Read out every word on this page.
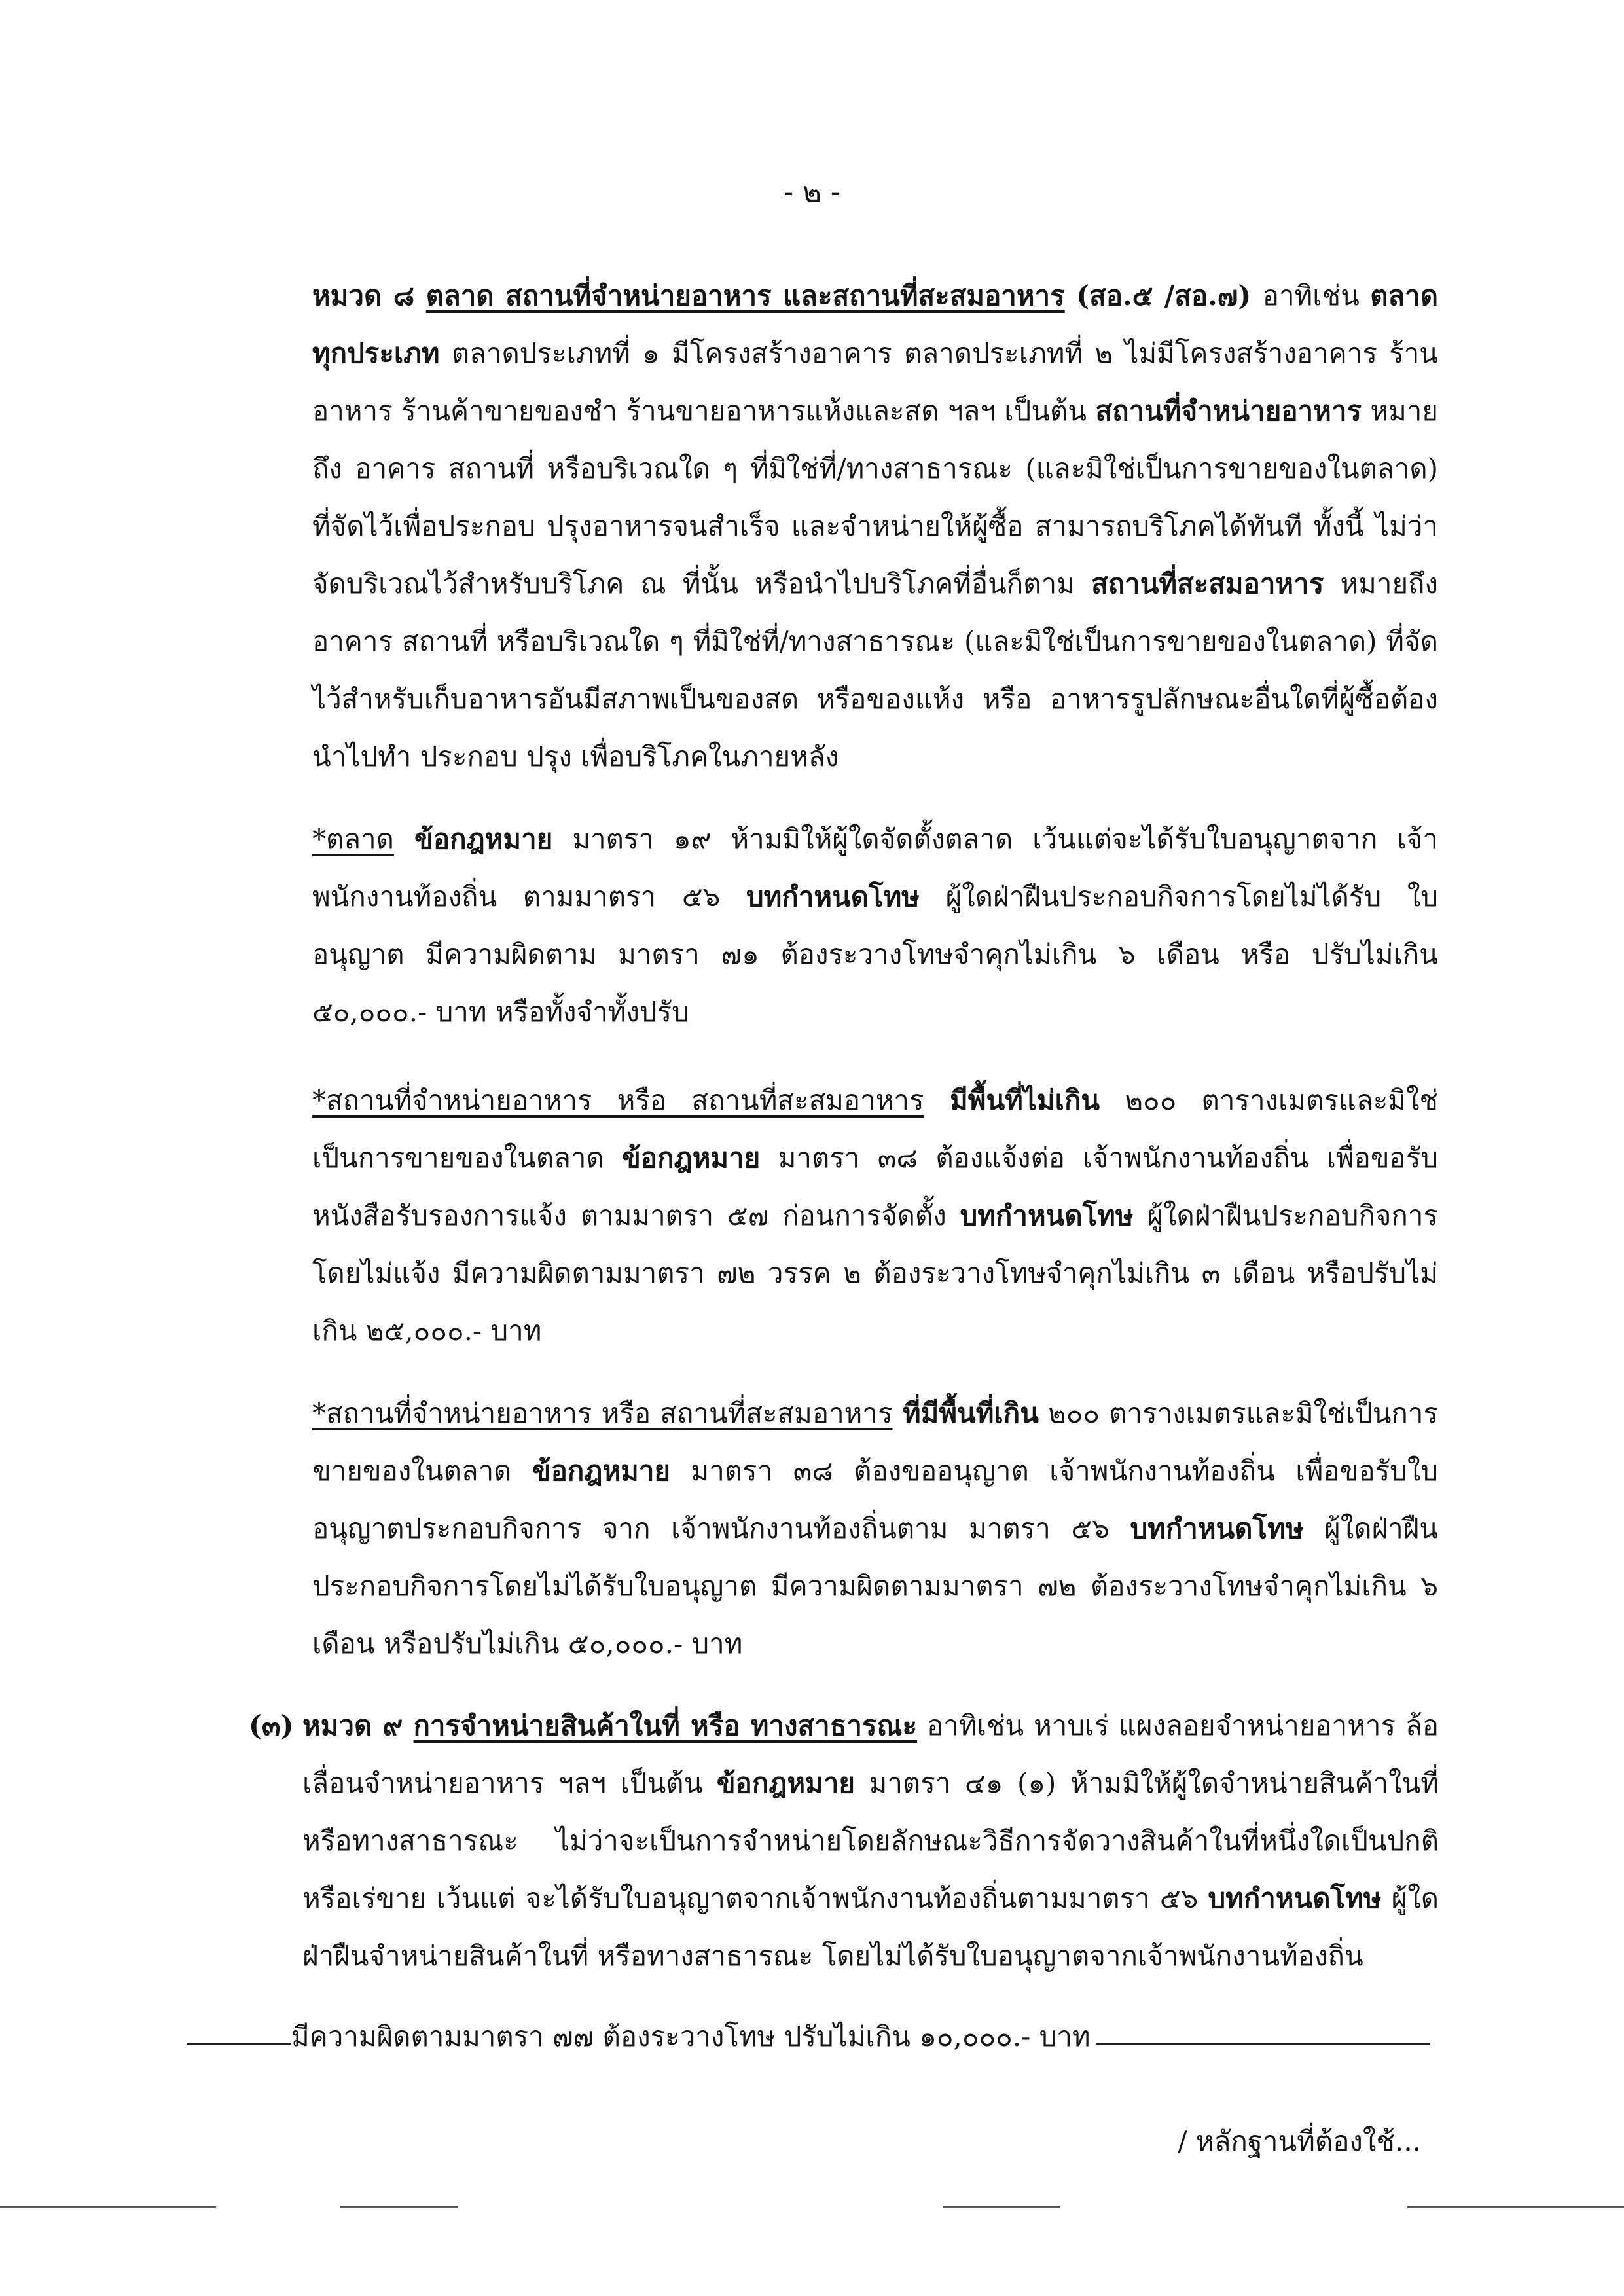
- ๒ -
หมวด ๘ ตลาด สถานที่จำหน่ายอาหาร และสถานที่สะสมอาหาร (สอ.๕ /สอ.๗) อาทิเช่น ตลาดทุกประเภท ตลาดประเภทที่ ๑ มีโครงสร้างอาคาร ตลาดประเภทที่ ๒ ไม่มีโครงสร้างอาคาร ร้านอาหาร ร้านค้าขายของชำ ร้านขายอาหารแห้งและสด ฯลฯ เป็นต้น สถานที่จำหน่ายอาหาร หมายถึง อาคาร สถานที่ หรือบริเวณใด ๆ ที่มิใช่ที่/ทางสาธารณะ (และมิใช่เป็นการขายของในตลาด) ที่จัดไว้เพื่อประกอบ ปรุงอาหารจนสำเร็จ และจำหน่ายให้ผู้ซื้อ สามารถบริโภคได้ทันที ทั้งนี้ ไม่ว่าจัดบริเวณไว้สำหรับบริโภค ณ ที่นั้น หรือนำไปบริโภคที่อื่นก็ตาม สถานที่สะสมอาหาร หมายถึงอาคาร สถานที่ หรือบริเวณใด ๆ ที่มิใช่ที่/ทางสาธารณะ (และมิใช่เป็นการขายของในตลาด) ที่จัดไว้สำหรับเก็บอาหารอันมีสภาพเป็นของสด หรือของแห้ง หรือ อาหารรูปลักษณะอื่นใดที่ผู้ซื้อต้องนำไปทำ ประกอบ ปรุง เพื่อบริโภคในภายหลัง
*ตลาด ข้อกฎหมาย มาตรา ๑๙ ห้ามมิให้ผู้ใดจัดตั้งตลาด เว้นแต่จะได้รับใบอนุญาตจาก เจ้าพนักงานท้องถิ่น ตามมาตรา ๕๖ บทกำหนดโทษ ผู้ใดฝ่าฝืนประกอบกิจการโดยไม่ได้รับ ใบอนุญาต มีความผิดตาม มาตรา ๗๑ ต้องระวางโทษจำคุกไม่เกิน ๖ เดือน หรือ ปรับไม่เกิน ๕๐,๐๐๐.- บาท หรือทั้งจำทั้งปรับ
*สถานที่จำหน่ายอาหาร หรือ สถานที่สะสมอาหาร มีพื้นที่ไม่เกิน ๒๐๐ ตารางเมตรและมิใช่เป็นการขายของในตลาด ข้อกฎหมาย มาตรา ๓๘ ต้องแจ้งต่อ เจ้าพนักงานท้องถิ่น เพื่อขอรับหนังสือรับรองการแจ้ง ตามมาตรา ๕๗ ก่อนการจัดตั้ง บทกำหนดโทษ ผู้ใดฝ่าฝืนประกอบกิจการโดยไม่แจ้ง มีความผิดตามมาตรา ๗๒ วรรค ๒ ต้องระวางโทษจำคุกไม่เกิน ๓ เดือน หรือปรับไม่เกิน ๒๕,๐๐๐.- บาท
*สถานที่จำหน่ายอาหาร หรือ สถานที่สะสมอาหาร ที่มีพื้นที่เกิน ๒๐๐ ตารางเมตรและมิใช่เป็นการขายของในตลาด ข้อกฎหมาย มาตรา ๓๘ ต้องขออนุญาต เจ้าพนักงานท้องถิ่น เพื่อขอรับใบอนุญาตประกอบกิจการ จาก เจ้าพนักงานท้องถิ่นตาม มาตรา ๕๖ บทกำหนดโทษ ผู้ใดฝ่าฝืนประกอบกิจการโดยไม่ได้รับใบอนุญาต มีความผิดตามมาตรา ๗๒ ต้องระวางโทษจำคุกไม่เกิน ๖ เดือน หรือปรับไม่เกิน ๕๐,๐๐๐.- บาท
(๓) หมวด ๙ การจำหน่ายสินค้าในที่ หรือ ทางสาธารณะ อาทิเช่น หาบเร่ แผงลอยจำหน่ายอาหาร ล้อเลื่อนจำหน่ายอาหาร ฯลฯ เป็นต้น ข้อกฎหมาย มาตรา ๔๑ (๑) ห้ามมิให้ผู้ใดจำหน่ายสินค้าในที่หรือทางสาธารณะ ไม่ว่าจะเป็นการจำหน่ายโดยลักษณะวิธีการจัดวางสินค้าในที่หนึ่งใดเป็นปกติหรือเร่ขาย เว้นแต่ จะได้รับใบอนุญาตจากเจ้าพนักงานท้องถิ่นตามมาตรา ๕๖ บทกำหนดโทษ ผู้ใดฝ่าฝืนจำหน่ายสินค้าในที่ หรือทางสาธารณะ โดยไม่ได้รับใบอนุญาตจากเจ้าพนักงานท้องถิ่น
มีความผิดตามมาตรา ๗๗ ต้องระวางโทษ ปรับไม่เกิน ๑๐,๐๐๐.- บาท
/ หลักฐานที่ต้องใช้...
